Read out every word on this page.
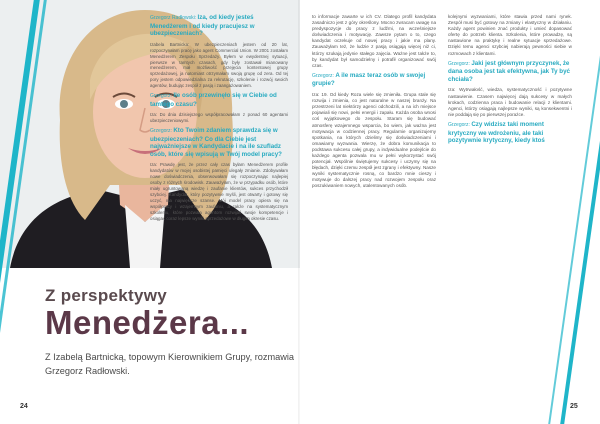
Z perspektywy
Menedżera...
Z Izabelą Bartnicką, topowym Kierownikiem Grupy, rozmawia Grzegorz Radłowski.

Grzegorz Radłowski: Iza, od kiedy jesteś Menedżerem i od kiedy pracujesz w ubezpieczeniach?

Izabela Bartnicka: W ubezpieczeniach jestem od 20 lat, rozpoczynałam pracę jako agent Commercial Union. W 2001 zostałam Menedżerem Zespołu Sprzedaży. Byłem w ewydentnej sytuacji, pierwsze w tamtych czasach, gdy były zostawał mianowany menedżerem, mał możliwość przejęcia kontentowej grupy sprzedażowej, ja natomiast otrzymałam swoją grupę od zera. Od tej pory jestem odpowiedzialna za rekrutację, szkolenie i rozwój swoich agentów, budując zespół z pasją i zaangażowaniem.

Grzegorz: Ile osób przewinęło się w Ciebie od tamtego czasu?

Iza: Do dnia dzisiejszego współpracowałam z ponad 60 agentami ubezpieczeniowymi.

Grzegorz: Kto Twoim zdaniem sprawdza się w ubezpieczeniach? Co dla Ciebie jest najważniejsze w Kandydacie i na ile szufladz osób, które się wpisują w Twój model pracy?

Iza: Prawdę jest, że przez cały czas byłam Menedżerem profile kandydatów w mojej osobistej pamięci ulegały zmianie. Zdobywałam nowe doświadczenia, obserwowałam się rozpoczynając najlepiej osoby z różnych środowisk. Zauważyłam, że w przypadku osób, które miały ugruntowaną wiedzę i zaufanie klientów, sukces przychodził szybciej. Kandydat, który pozytywnie myśli, jest otwarty i gotowy się uczyć, ma największe szanse. Mój model pracy opiera się na współpracy i wzajemnym zaufaniu, a także na systematycznym szkoleniu, które pozwala agentom rozwijać swoje kompetencje i osiągać coraz lepsze wyniki sprzedażowe w długim okresie czasu.

to informacje zawarte w ich CV. Dlatego profil kandydata zasadniczo jest z góry określony. Mocno zwracam uwagę na predyspozycje do pracy z ludźmi, na wcześniejsze doświadczenia i motywację. Zawsze pytam o to, czego kandydat oczekuje od nowej pracy i jakie ma plany. Zauważyłam też, że ludzie z pasją osiągają więcej niż ci, którzy szukają jedynie stałego zajęcia. Ważne jest także to, by kandydat był samodzielny i potrafił organizować swój czas.

Grzegorz: A ile masz teraz osób w swojej grupie?

Iza: 19. Od kiedy Roza wiele się zmieniła. Grupa stale się rozwija i zmienia, co jest naturalne w naszej branży. Na przestrzeni lat niektórzy agenci odchodzili, a na ich miejsce pojawiali się nowi, pełni energii i zapału. Każda osoba wnosi coś wyjątkowego do zespołu. Staram się budować atmosferę wzajemnego wsparcia, bo wiem, jak ważna jest motywacja w codziennej pracy. Regularnie organizujemy spotkania, na których dzielimy się doświadczeniami i omawiamy wyzwania. Wierzę, że dobra komunikacja to podstawa sukcesu całej grupy, a indywidualne podejście do każdego agenta pozwala mu w pełni wykorzystać swój potencjał. Wspólnie świętujemy sukcesy i uczymy się na błędach, dzięki czemu zespół jest zgrany i efektywny. Nasze wyniki systematycznie rosną, co bardzo mnie cieszy i motywuje do dalszej pracy nad rozwojem zespołu oraz poszukiwaniem nowych, utalentowanych osób.

kolejnymi wyzwaniami, które stawia przed nami rynek. Zespół musi być gotowy na zmiany i elastyczny w działaniu. Każdy agent powinien znać produkty i umieć dopasować ofertę do potrzeb klienta. Szkolenia, które prowadzę, są nastawione na praktykę i realne sytuacje sprzedażowe. Dzięki temu agenci szybciej nabierają pewności siebie w rozmowach z klientami.

Grzegorz: Jaki jest głównym przyczynek, że dana osoba jest tak efektywna, jak Ty być chciała?

Iza: Wytrwałość, wiedza, systematyczność i pozytywne nastawienie. Czasem najwięcej dają sukcesy w małych krokach, codzienna praca i budowanie relacji z klientami. Agenci, którzy osiągają najlepsze wyniki, są konsekwentni i nie poddają się po pierwszej porażce.

Grzegorz: Czy widzisz taki moment krytyczny we wdrożeniu, ale taki pozytywnie krytyczny, kiedy ktoś

24	25
